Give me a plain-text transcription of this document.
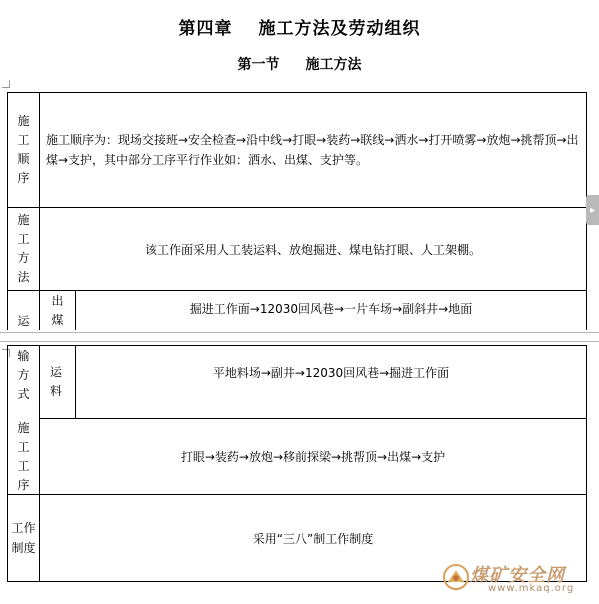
第四章 施工方法及劳动组织
第一节 施工方法
施
工
顺
序
施工顺序为：现场交接班→安全检查→沿中线→打眼→装药→联线→洒水→打开喷雾→放炮→挑帮顶→出煤→支护，其中部分工序平行作业如：洒水、出煤、支护等。
施
工
方
法
该工作面采用人工装运料、放炮掘进、煤电钻打眼、人工架棚。
运
出
煤
掘进工作面→12030回风巷→一片车场→副斜井→地面
输
方
式
运
料
平地料场→副井→12030回风巷→掘进工作面
施
工
工
序
打眼→装药→放炮→移前探梁→挑帮顶→出煤→支护
工作
制度
采用“三八”制工作制度
▸
煤矿安全网
www.mkaq.org
